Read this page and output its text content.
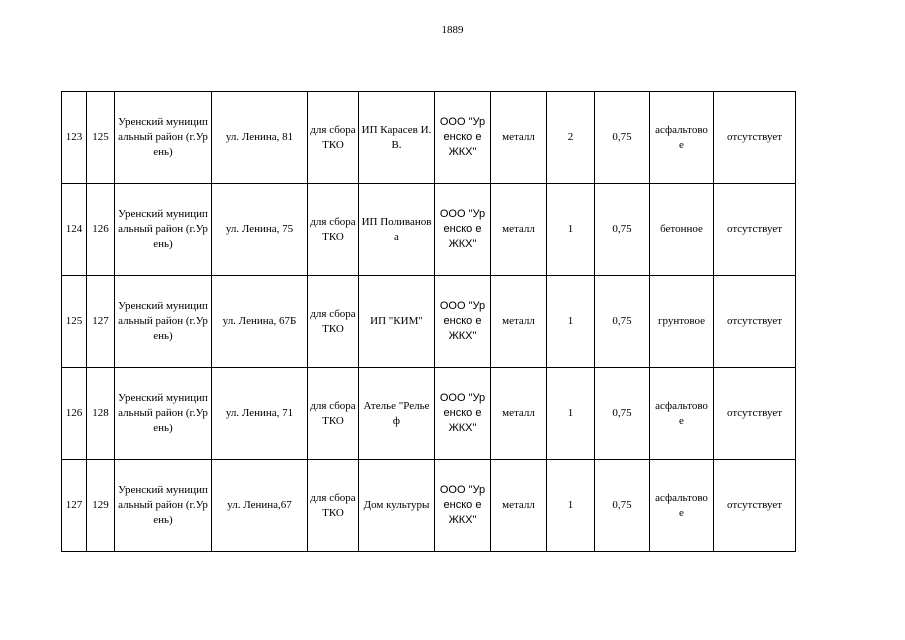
1889
123	125	Уренский муниципальный район (г.Урень)	ул. Ленина, 81	для сбора ТКО	ИП Карасев И.В.	ООО "Уренско е ЖКХ"	металл	2	0,75	асфальтово е	отсутствует
124	126	Уренский муниципальный район (г.Урень)	ул. Ленина, 75	для сбора ТКО	ИП Поливанова	ООО "Уренско е ЖКХ"	металл	1	0,75	бетонное	отсутствует
125	127	Уренский муниципальный район (г.Урень)	ул. Ленина, 67Б	для сбора ТКО	ИП "КИМ"	ООО "Уренско е ЖКХ"	металл	1	0,75	грунтовое	отсутствует
126	128	Уренский муниципальный район (г.Урень)	ул. Ленина, 71	для сбора ТКО	Ателье "Рельеф	ООО "Уренско е ЖКХ"	металл	1	0,75	асфальтово е	отсутствует
127	129	Уренский муниципальный район (г.Урень)	ул. Ленина,67	для сбора ТКО	Дом культуры	ООО "Уренско е ЖКХ"	металл	1	0,75	асфальтово е	отсутствует
